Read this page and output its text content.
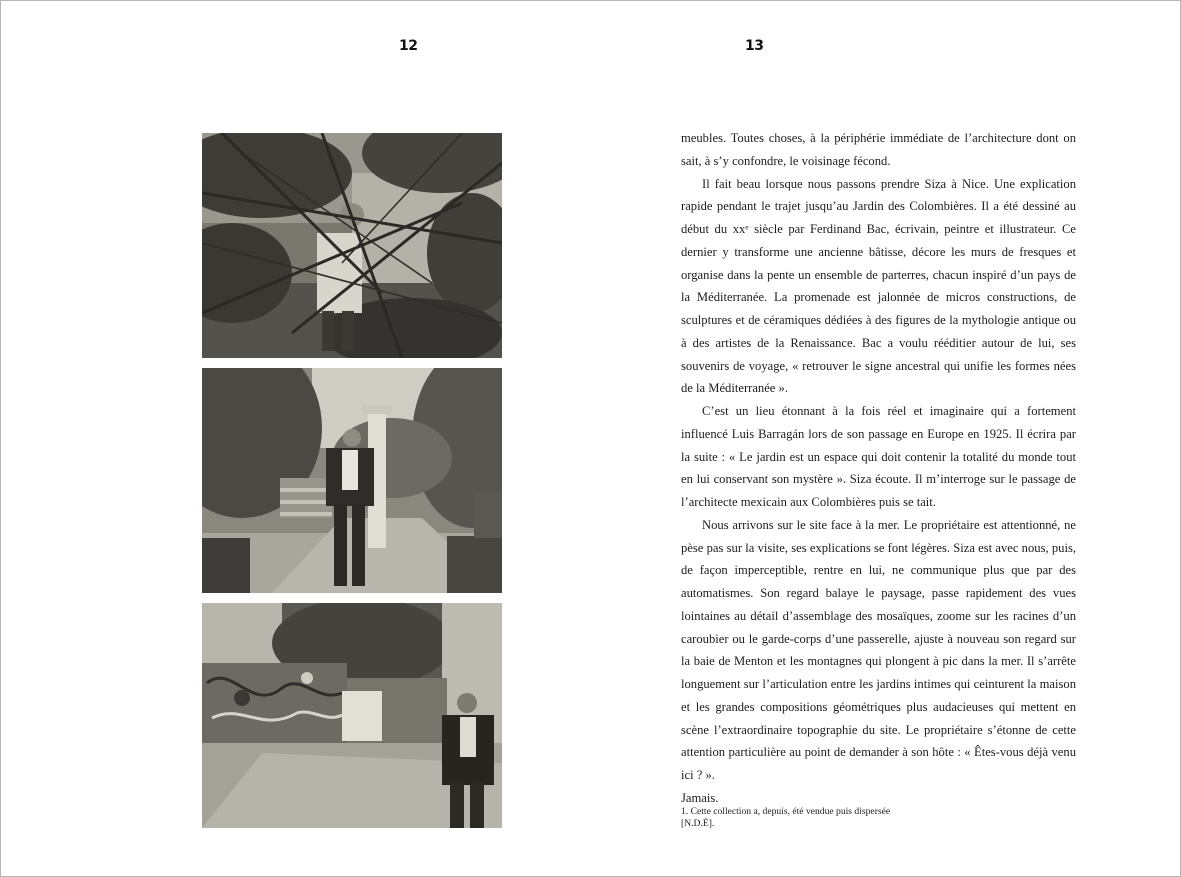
12	13

meubles. Toutes choses, à la périphérie immédiate de l’architecture dont on sait, à s’y confondre, le voisinage fécond.

Il fait beau lorsque nous passons prendre Siza à Nice. Une explication rapide pendant le trajet jusqu’au Jardin des Colombières. Il a été dessiné au début du xxᵉ siècle par Ferdinand Bac, écrivain, peintre et illustrateur. Ce dernier y transforme une ancienne bâtisse, décore les murs de fresques et organise dans la pente un ensemble de parterres, chacun inspiré d’un pays de la Méditerranée. La promenade est jalonnée de micros constructions, de sculptures et de céramiques dédiées à des figures de la mythologie antique ou à des artistes de la Renaissance. Bac a voulu rééditier autour de lui, ses souvenirs de voyage, « retrouver le signe ancestral qui unifie les formes nées de la Méditerranée ».

C’est un lieu étonnant à la fois réel et imaginaire qui a fortement influencé Luis Barragán lors de son passage en Europe en 1925. Il écrira par la suite : « Le jardin est un espace qui doit contenir la totalité du monde tout en lui conservant son mystère ». Siza écoute. Il m’interroge sur le passage de l’architecte mexicain aux Colombières puis se tait.

Nous arrivons sur le site face à la mer. Le propriétaire est attentionné, ne pèse pas sur la visite, ses explications se font légères. Siza est avec nous, puis, de façon imperceptible, rentre en lui, ne communique plus que par des automatismes. Son regard balaye le paysage, passe rapidement des vues lointaines au détail d’assemblage des mosaïques, zoome sur les racines d’un caroubier ou le garde-corps d’une passerelle, ajuste à nouveau son regard sur la baie de Menton et les montagnes qui plongent à pic dans la mer. Il s’arrête longuement sur l’articulation entre les jardins intimes qui ceinturent la maison et les grandes compositions géométriques plus audacieuses qui mettent en scène l’extraordinaire topographie du site. Le propriétaire s’étonne de cette attention particulière au point de demander à son hôte : « Êtes-vous déjà venu ici ? ».

Jamais.

1. Cette collection a, depuis, été vendue puis dispersée
[N.D.É].
